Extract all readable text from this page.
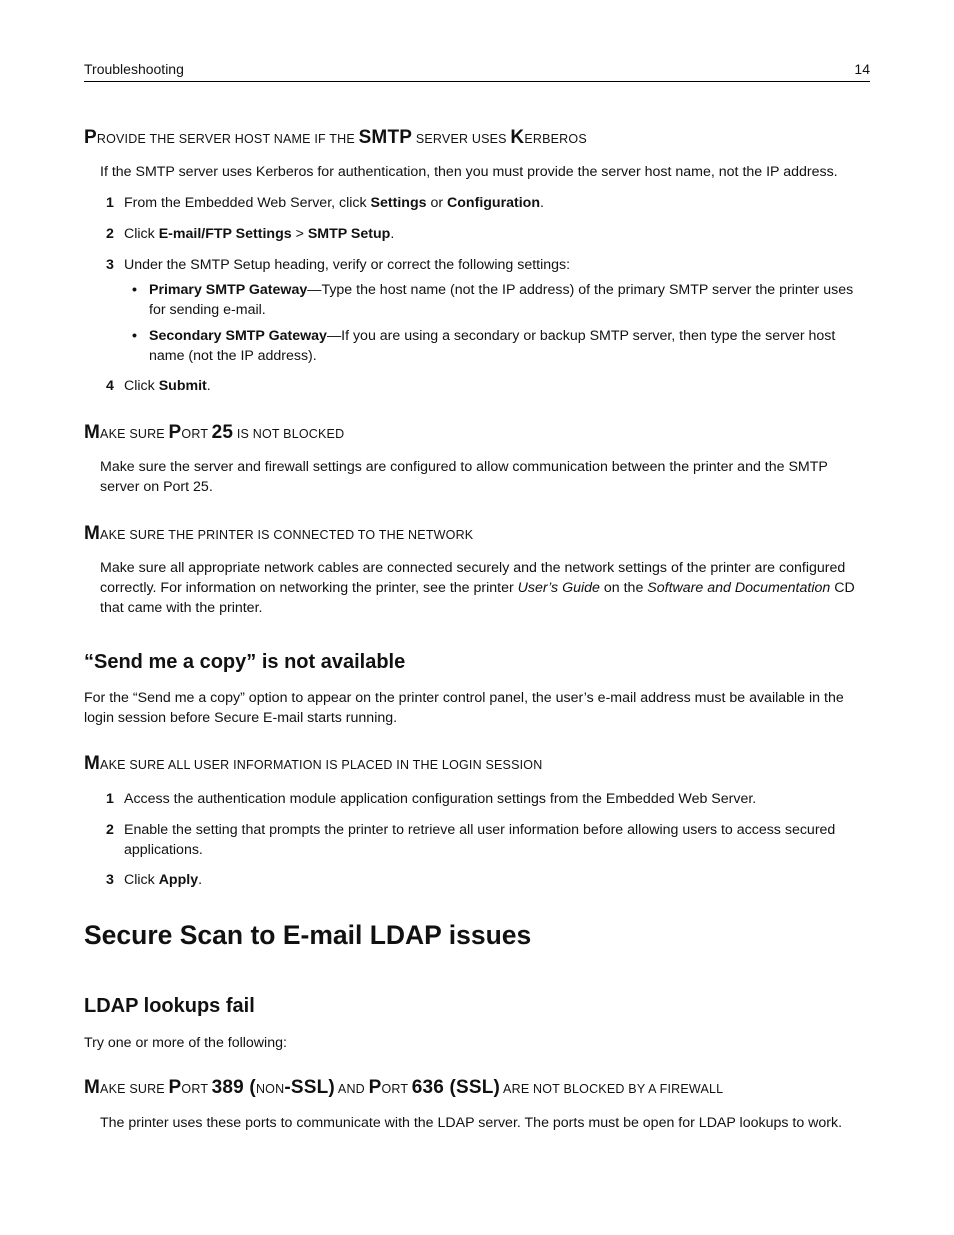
Troubleshooting	14
PROVIDE THE SERVER HOST NAME IF THE SMTP SERVER USES KERBEROS

If the SMTP server uses Kerberos for authentication, then you must provide the server host name, not the IP address.

1 From the Embedded Web Server, click Settings or Configuration.
2 Click E-mail/FTP Settings > SMTP Setup.
3 Under the SMTP Setup heading, verify or correct the following settings:
• Primary SMTP Gateway—Type the host name (not the IP address) of the primary SMTP server the printer uses for sending e-mail.
• Secondary SMTP Gateway—If you are using a secondary or backup SMTP server, then type the server host name (not the IP address).
4 Click Submit.
MAKE SURE PORT 25 IS NOT BLOCKED

Make sure the server and firewall settings are configured to allow communication between the printer and the SMTP server on Port 25.

MAKE SURE THE PRINTER IS CONNECTED TO THE NETWORK

Make sure all appropriate network cables are connected securely and the network settings of the printer are configured correctly. For information on networking the printer, see the printer User’s Guide on the Software and Documentation CD that came with the printer.

“Send me a copy” is not available

For the “Send me a copy” option to appear on the printer control panel, the user’s e-mail address must be available in the login session before Secure E-mail starts running.

MAKE SURE ALL USER INFORMATION IS PLACED IN THE LOGIN SESSION
1 Access the authentication module application configuration settings from the Embedded Web Server.
2 Enable the setting that prompts the printer to retrieve all user information before allowing users to access secured applications.
3 Click Apply.
Secure Scan to E-mail LDAP issues
LDAP lookups fail

Try one or more of the following:

MAKE SURE PORT 389 (NON-SSL) AND PORT 636 (SSL) ARE NOT BLOCKED BY A FIREWALL

The printer uses these ports to communicate with the LDAP server. The ports must be open for LDAP lookups to work.
